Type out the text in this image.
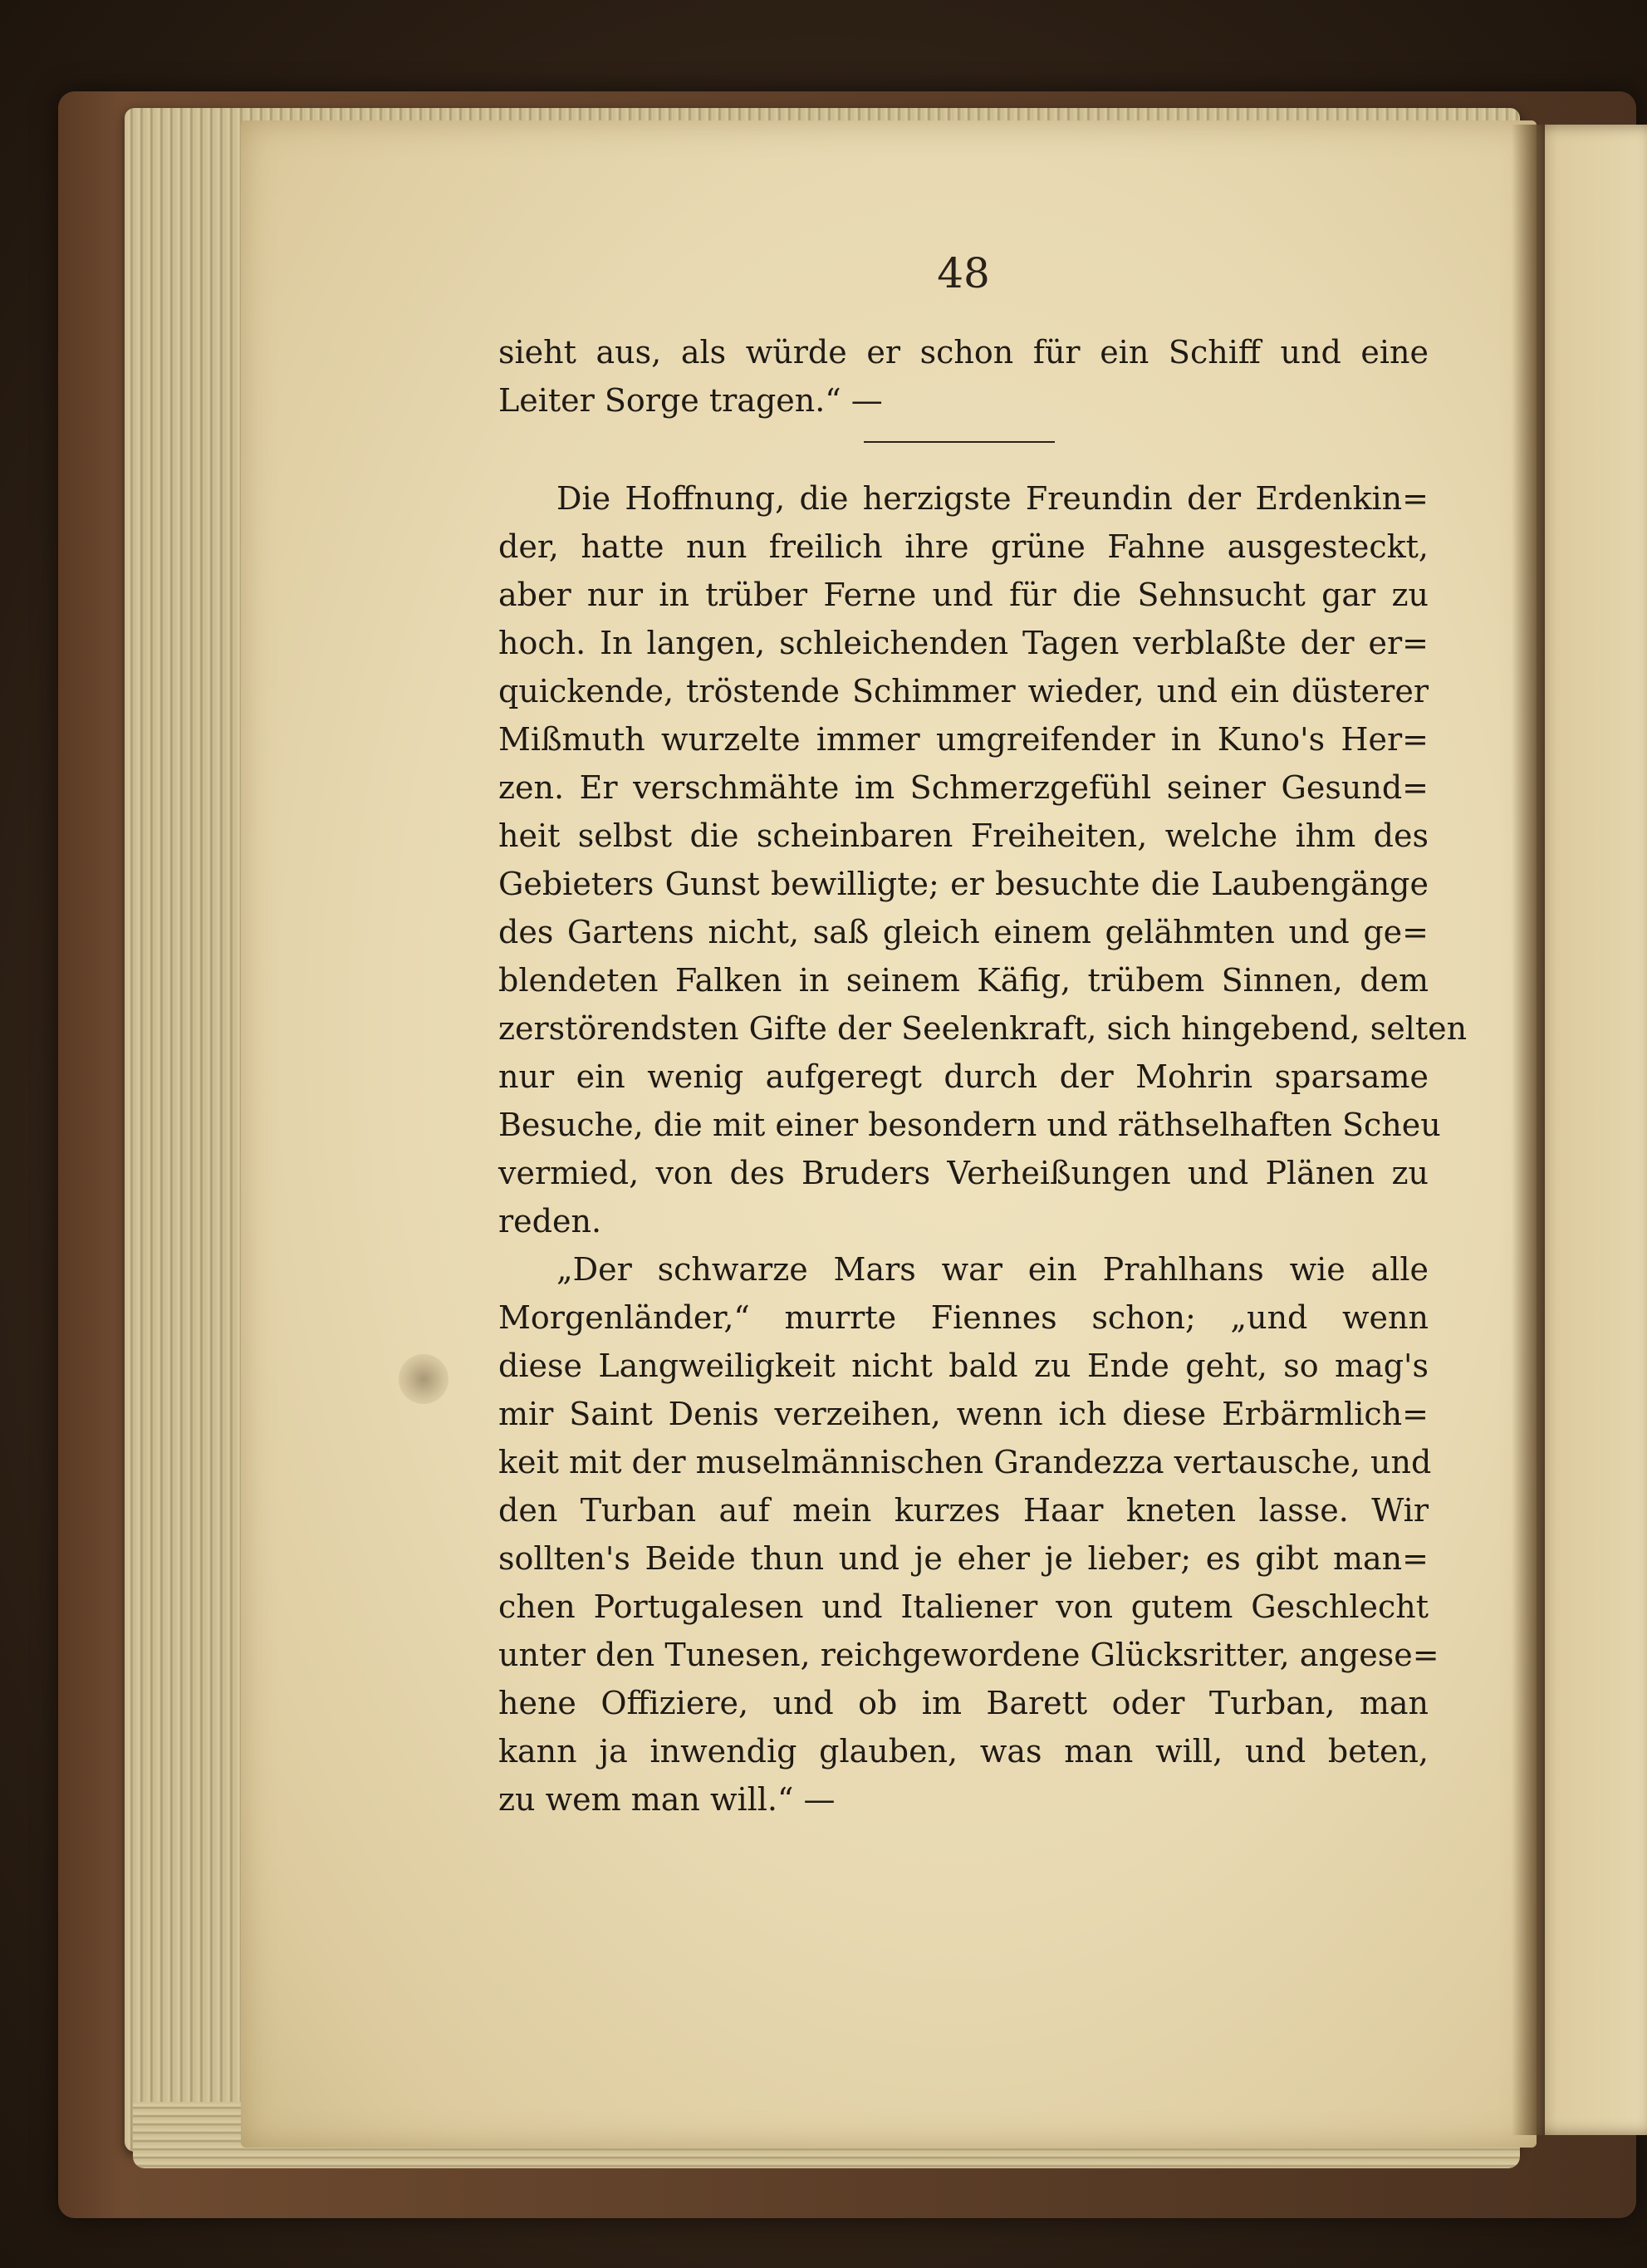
48
sieht aus, als würde er schon für ein Schiff und eine
Leiter Sorge tragen.“ —
Die Hoffnung, die herzigste Freundin der Erdenkin=
der, hatte nun freilich ihre grüne Fahne ausgesteckt,
aber nur in trüber Ferne und für die Sehnsucht gar zu
hoch. In langen, schleichenden Tagen verblaßte der er=
quickende, tröstende Schimmer wieder, und ein düsterer
Mißmuth wurzelte immer umgreifender in Kuno's Her=
zen. Er verschmähte im Schmerzgefühl seiner Gesund=
heit selbst die scheinbaren Freiheiten, welche ihm des
Gebieters Gunst bewilligte; er besuchte die Laubengänge
des Gartens nicht, saß gleich einem gelähmten und ge=
blendeten Falken in seinem Käfig, trübem Sinnen, dem
zerstörendsten Gifte der Seelenkraft, sich hingebend, selten
nur ein wenig aufgeregt durch der Mohrin sparsame
Besuche, die mit einer besondern und räthselhaften Scheu
vermied, von des Bruders Verheißungen und Plänen zu
reden.
„Der schwarze Mars war ein Prahlhans wie alle
Morgenländer,“ murrte Fiennes schon; „und wenn
diese Langweiligkeit nicht bald zu Ende geht, so mag's
mir Saint Denis verzeihen, wenn ich diese Erbärmlich=
keit mit der muselmännischen Grandezza vertausche, und
den Turban auf mein kurzes Haar kneten lasse. Wir
sollten's Beide thun und je eher je lieber; es gibt man=
chen Portugalesen und Italiener von gutem Geschlecht
unter den Tunesen, reichgewordene Glücksritter, angese=
hene Offiziere, und ob im Barett oder Turban, man
kann ja inwendig glauben, was man will, und beten,
zu wem man will.“ —
